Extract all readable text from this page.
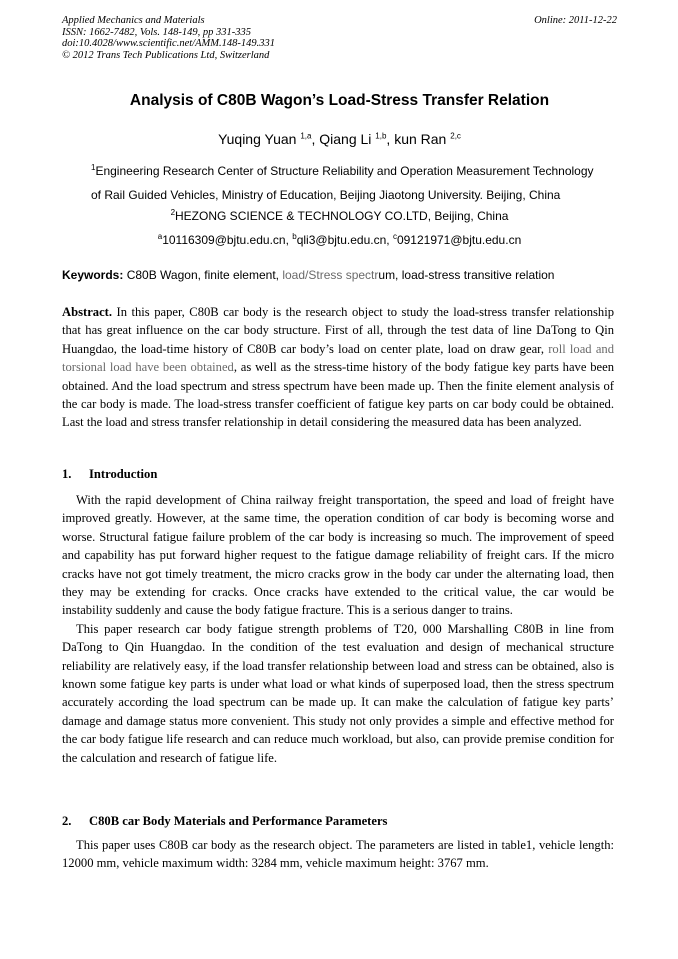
Applied Mechanics and Materials
ISSN: 1662-7482, Vols. 148-149, pp 331-335
doi:10.4028/www.scientific.net/AMM.148-149.331
© 2012 Trans Tech Publications Ltd, Switzerland
Online: 2011-12-22
Analysis of C80B Wagon’s Load-Stress Transfer Relation
Yuqing Yuan $^{1,a}$, Qiang Li $^{1,b}$, kun Ran $^{2,c}$
$^1$Engineering Research Center of Structure Reliability and Operation Measurement Technology
of Rail Guided Vehicles, Ministry of Education, Beijing Jiaotong University. Beijing, China
$^2$HEZONG SCIENCE & TECHNOLOGY CO.LTD, Beijing, China
$^a$10116309@bjtu.edu.cn, $^b$qli3@bjtu.edu.cn, $^c$09121971@bjtu.edu.cn
Keywords: C80B Wagon, finite element, load/Stress spectrum, load-stress transitive relation

Abstract. In this paper, C80B car body is the research object to study the load-stress transfer relationship that has great influence on the car body structure. First of all, through the test data of line DaTong to Qin Huangdao, the load-time history of C80B car body’s load on center plate, load on draw gear, roll load and torsional load have been obtained, as well as the stress-time history of the body fatigue key parts have been obtained. And the load spectrum and stress spectrum have been made up. Then the finite element analysis of the car body is made. The load-stress transfer coefficient of fatigue key parts on car body could be obtained. Last the load and stress transfer relationship in detail considering the measured data has been analyzed.

1. Introduction

With the rapid development of China railway freight transportation, the speed and load of freight have improved greatly. However, at the same time, the operation condition of car body is becoming worse and worse. Structural fatigue failure problem of the car body is increasing so much. The improvement of speed and capability has put forward higher request to the fatigue damage reliability of freight cars. If the micro cracks have not got timely treatment, the micro cracks grow in the body car under the alternating load, then they may be extending for cracks. Once cracks have extended to the critical value, the car would be instability suddenly and cause the body fatigue fracture. This is a serious danger to trains.

This paper research car body fatigue strength problems of T20, 000 Marshalling C80B in line from DaTong to Qin Huangdao. In the condition of the test evaluation and design of mechanical structure reliability are relatively easy, if the load transfer relationship between load and stress can be obtained, also is known some fatigue key parts is under what load or what kinds of superposed load, then the stress spectrum accurately according the load spectrum can be made up. It can make the calculation of fatigue key parts’ damage and damage status more convenient. This study not only provides a simple and effective method for the car body fatigue life research and can reduce much workload, but also, can provide premise condition for the calculation and research of fatigue life.

2. C80B car Body Materials and Performance Parameters

This paper uses C80B car body as the research object. The parameters are listed in table1, vehicle length: 12000 mm, vehicle maximum width: 3284 mm, vehicle maximum height: 3767 mm.
